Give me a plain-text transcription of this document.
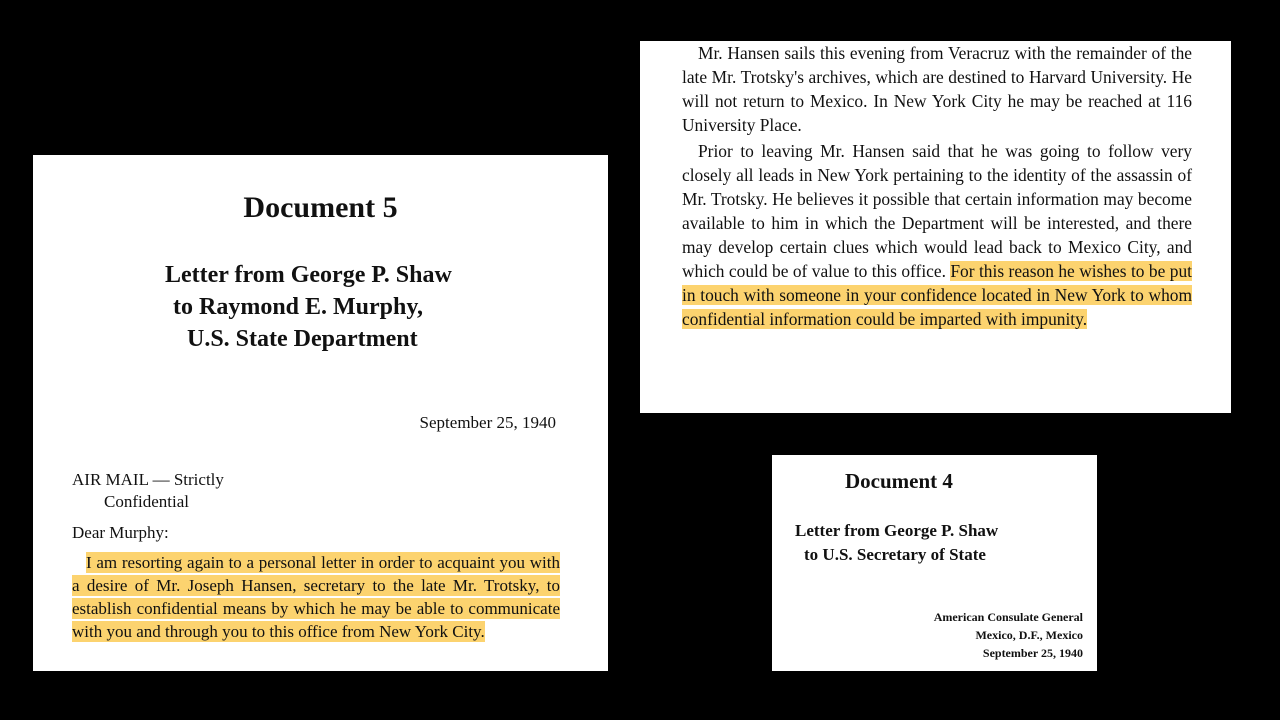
Document 5
Letter from George P. Shaw
to Raymond E. Murphy,
U.S. State Department
September 25, 1940
AIR MAIL — Strictly
Confidential
Dear Murphy:
I am resorting again to a personal letter in order to acquaint you with a desire of Mr. Joseph Hansen, secretary to the late Mr. Trotsky, to establish confidential means by which he may be able to communicate with you and through you to this office from New York City.
Mr. Hansen sails this evening from Veracruz with the remainder of the late Mr. Trotsky's archives, which are destined to Harvard University. He will not return to Mexico. In New York City he may be reached at 116 University Place.
Prior to leaving Mr. Hansen said that he was going to follow very closely all leads in New York pertaining to the identity of the assassin of Mr. Trotsky. He believes it possible that certain information may become available to him in which the Department will be interested, and there may develop certain clues which would lead back to Mexico City, and which could be of value to this office. For this reason he wishes to be put in touch with someone in your confidence located in New York to whom confidential information could be imparted with impunity.
Document 4
Letter from George P. Shaw
to U.S. Secretary of State
American Consulate General
Mexico, D.F., Mexico
September 25, 1940
